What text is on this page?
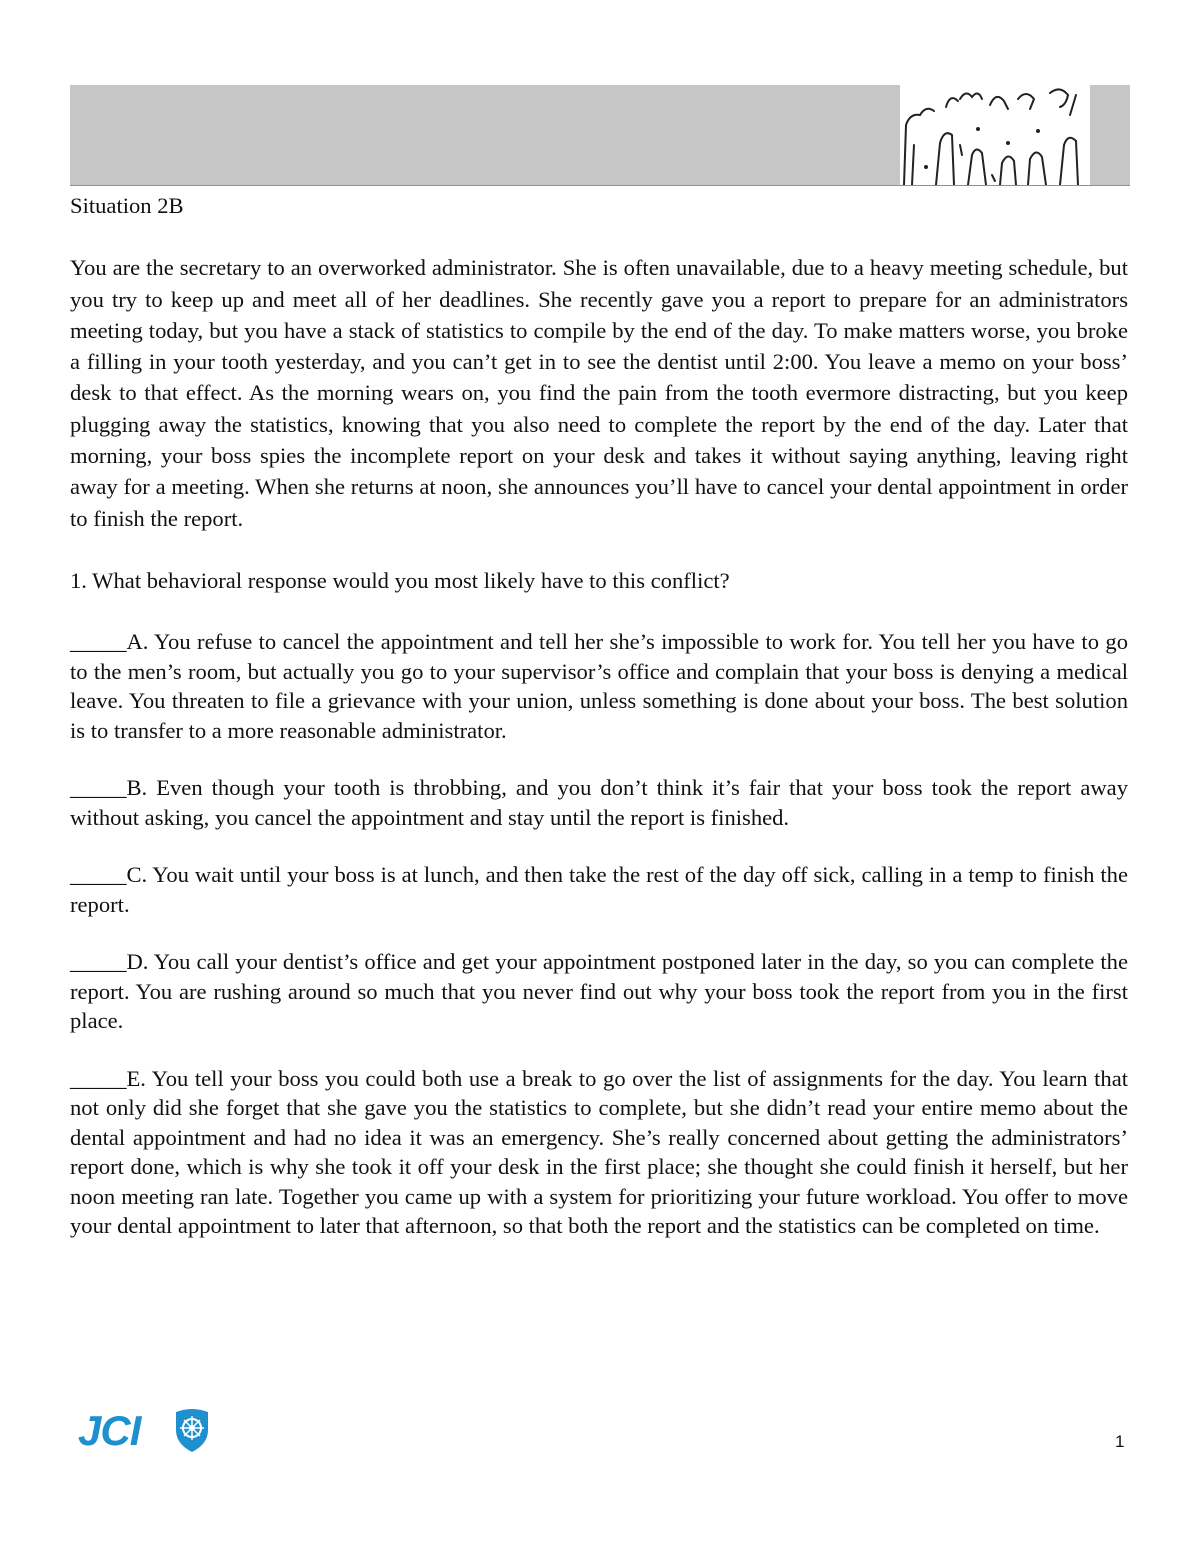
Situation 2B

You are the secretary to an overworked administrator. She is often unavailable, due to a heavy meeting schedule, but you try to keep up and meet all of her deadlines. She recently gave you a report to prepare for an administrators meeting today, but you have a stack of statistics to compile by the end of the day. To make matters worse, you broke a filling in your tooth yesterday, and you can’t get in to see the dentist until 2:00. You leave a memo on your boss’ desk to that effect. As the morning wears on, you find the pain from the tooth evermore distracting, but you keep plugging away the statistics, knowing that you also need to complete the report by the end of the day. Later that morning, your boss spies the incomplete report on your desk and takes it without saying anything, leaving right away for a meeting. When she returns at noon, she announces you’ll have to cancel your dental appointment in order to finish the report.

1. What behavioral response would you most likely have to this conflict?

_____A. You refuse to cancel the appointment and tell her she’s impossible to work for. You tell her you have to go to the men’s room, but actually you go to your supervisor’s office and complain that your boss is denying a medical leave. You threaten to file a grievance with your union, unless something is done about your boss. The best solution is to transfer to a more reasonable administrator.

_____B. Even though your tooth is throbbing, and you don’t think it’s fair that your boss took the report away without asking, you cancel the appointment and stay until the report is finished.

_____C. You wait until your boss is at lunch, and then take the rest of the day off sick, calling in a temp to finish the report.

_____D. You call your dentist’s office and get your appointment postponed later in the day, so you can complete the report. You are rushing around so much that you never find out why your boss took the report from you in the first place.

_____E. You tell your boss you could both use a break to go over the list of assignments for the day. You learn that not only did she forget that she gave you the statistics to complete, but she didn’t read your entire memo about the dental appointment and had no idea it was an emergency. She’s really concerned about getting the administrators’ report done, which is why she took it off your desk in the first place; she thought she could finish it herself, but her noon meeting ran late. Together you came up with a system for prioritizing your future workload. You offer to move your dental appointment to later that afternoon, so that both the report and the statistics can be completed on time.

JCI	1
